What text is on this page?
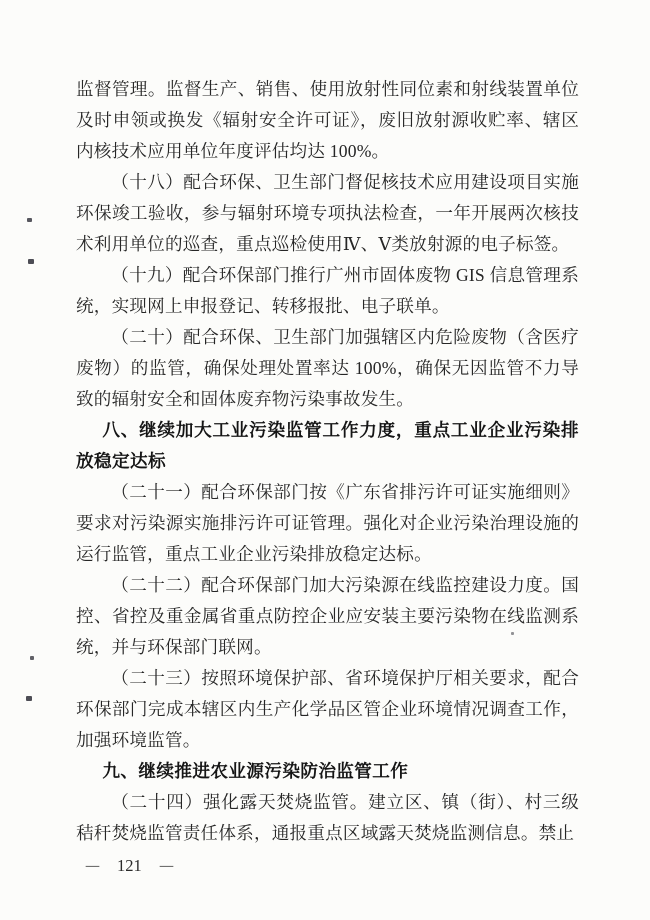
监督管理。监督生产、销售、使用放射性同位素和射线装置单位及时申领或换发《辐射安全许可证》，废旧放射源收贮率、辖区内核技术应用单位年度评估均达 100%。

（十八）配合环保、卫生部门督促核技术应用建设项目实施环保竣工验收，参与辐射环境专项执法检查，一年开展两次核技术利用单位的巡查，重点巡检使用Ⅳ、Ⅴ类放射源的电子标签。

（十九）配合环保部门推行广州市固体废物 GIS 信息管理系统，实现网上申报登记、转移报批、电子联单。

（二十）配合环保、卫生部门加强辖区内危险废物（含医疗废物）的监管，确保处理处置率达 100%，确保无因监管不力导致的辐射安全和固体废弃物污染事故发生。

八、继续加大工业污染监管工作力度，重点工业企业污染排放稳定达标

（二十一）配合环保部门按《广东省排污许可证实施细则》要求对污染源实施排污许可证管理。强化对企业污染治理设施的运行监管，重点工业企业污染排放稳定达标。

（二十二）配合环保部门加大污染源在线监控建设力度。国控、省控及重金属省重点防控企业应安装主要污染物在线监测系统，并与环保部门联网。

（二十三）按照环境保护部、省环境保护厅相关要求，配合环保部门完成本辖区内生产化学品区管企业环境情况调查工作，加强环境监管。

九、继续推进农业源污染防治监管工作

（二十四）强化露天焚烧监管。建立区、镇（街）、村三级秸秆焚烧监管责任体系，通报重点区域露天焚烧监测信息。禁止

— 121 —
